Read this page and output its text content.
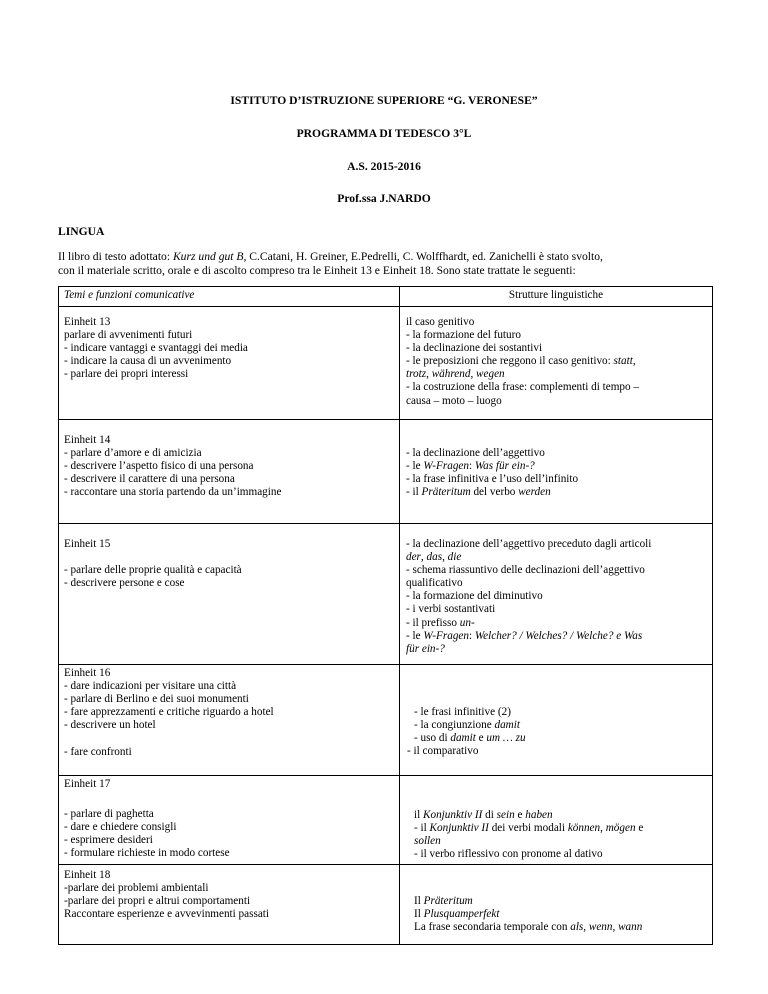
ISTITUTO D’ISTRUZIONE SUPERIORE “G. VERONESE”
PROGRAMMA DI TEDESCO 3°L
A.S. 2015-2016
Prof.ssa J.NARDO
LINGUA
Il libro di testo adottato: Kurz und gut B, C.Catani, H. Greiner, E.Pedrelli, C. Wolffhardt, ed. Zanichelli è stato svolto,
con il materiale scritto, orale e di ascolto compreso tra le Einheit 13 e Einheit 18. Sono state trattate le seguenti:
Temi e funzioni comunicative	Strutture linguistiche
Einheit 13
parlare di avvenimenti futuri
- indicare vantaggi e svantaggi dei media
- indicare la causa di un avvenimento
- parlare dei propri interessi
il caso genitivo
- la formazione del futuro
- la declinazione dei sostantivi
- le preposizioni che reggono il caso genitivo: statt,
trotz, während, wegen
- la costruzione della frase: complementi di tempo –
causa – moto – luogo
Einheit 14
- parlare d’amore e di amicizia
- descrivere l’aspetto fisico di una persona
- descrivere il carattere di una persona
- raccontare una storia partendo da un’immagine
- la declinazione dell’aggettivo
- le W-Fragen: Was für ein-?
- la frase infinitiva e l’uso dell’infinito
- il Präteritum del verbo werden
Einheit 15

- parlare delle proprie qualità e capacità
- descrivere persone e cose
- la declinazione dell’aggettivo preceduto dagli articoli
der, das, die
- schema riassuntivo delle declinazioni dell’aggettivo
qualificativo
- la formazione del diminutivo
- i verbi sostantivati
- il prefisso un-
- le W-Fragen: Welcher? / Welches? / Welche? e Was
für ein-?
Einheit 16
- dare indicazioni per visitare una città
- parlare di Berlino e dei suoi monumenti
- fare apprezzamenti e critiche riguardo a hotel
- descrivere un hotel

- fare confronti
- le frasi infinitive (2)
- la congiunzione damit
- uso di damit e um … zu
- il comparativo
Einheit 17

- parlare di paghetta
- dare e chiedere consigli
- esprimere desideri
- formulare richieste in modo cortese
il Konjunktiv II di sein e haben
- il Konjunktiv II dei verbi modali können, mögen e
sollen
- il verbo riflessivo con pronome al dativo
Einheit 18
-parlare dei problemi ambientali
-parlare dei propri e altrui comportamenti
Raccontare esperienze e avvevinmenti passati
Il Präteritum
Il Plusquamperfekt
La frase secondaria temporale con als, wenn, wann
